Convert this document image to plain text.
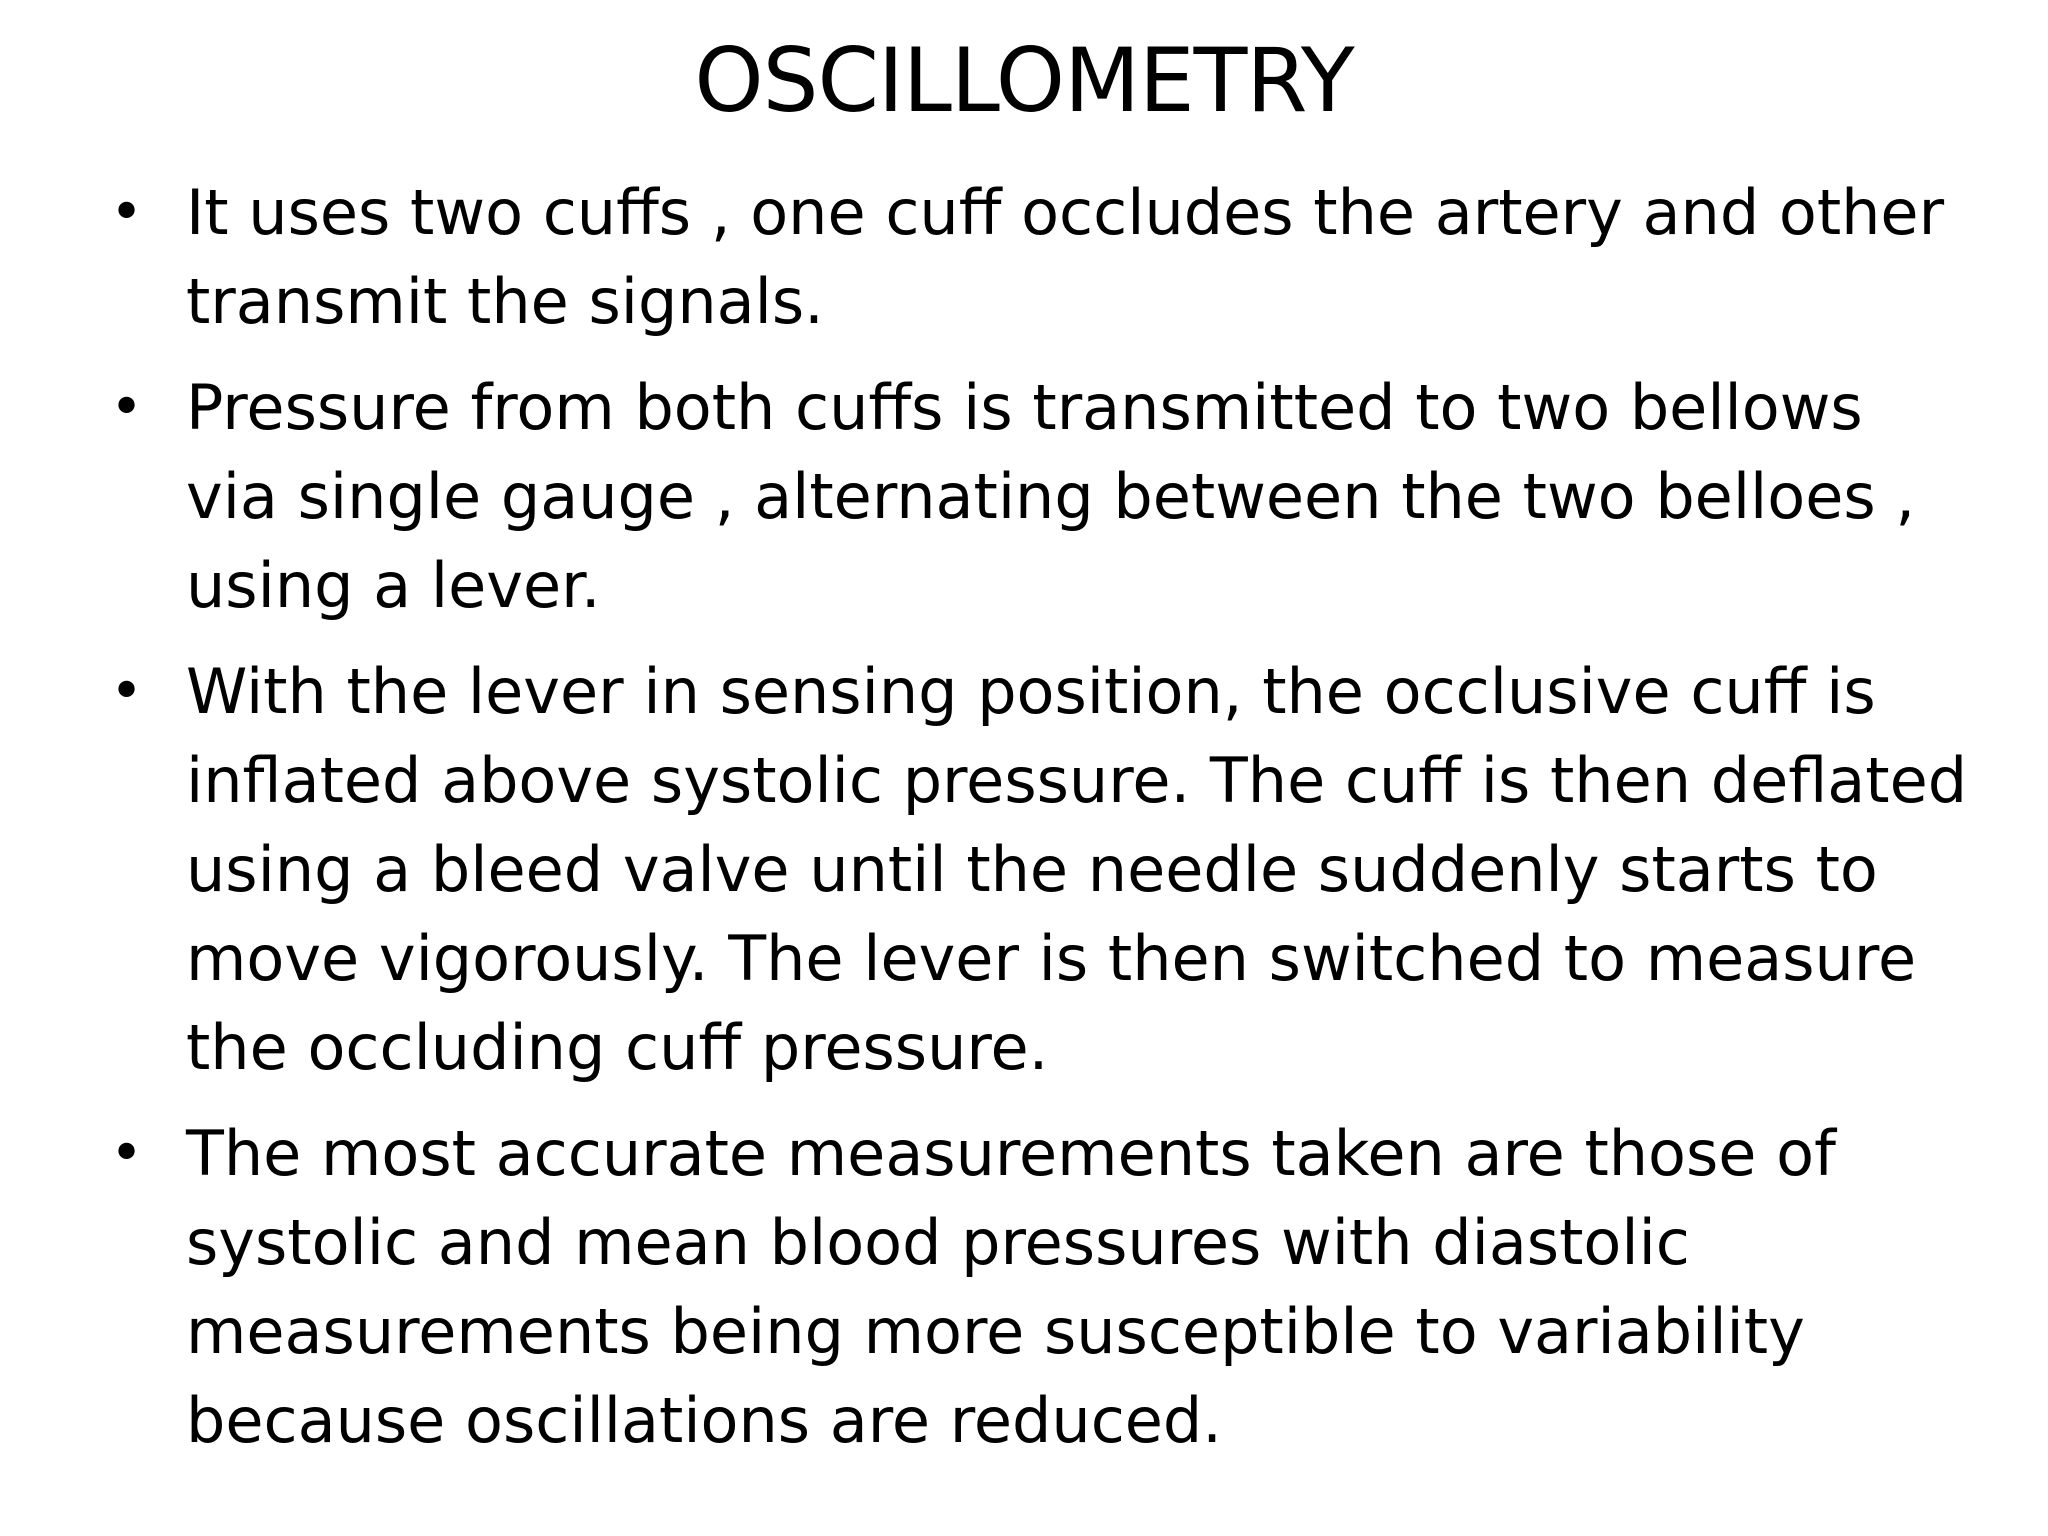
OSCILLOMETRY
• It uses two cuffs , one cuff occludes the artery and other
transmit the signals.
• Pressure from both cuffs is transmitted to two bellows
via single gauge , alternating between the two belloes ,
using a lever.
• With the lever in sensing position, the occlusive cuff is
inflated above systolic pressure. The cuff is then deflated
using a bleed valve until the needle suddenly starts to
move vigorously. The lever is then switched to measure
the occluding cuff pressure.
• The most accurate measurements taken are those of
systolic and mean blood pressures with diastolic
measurements being more susceptible to variability
because oscillations are reduced.
